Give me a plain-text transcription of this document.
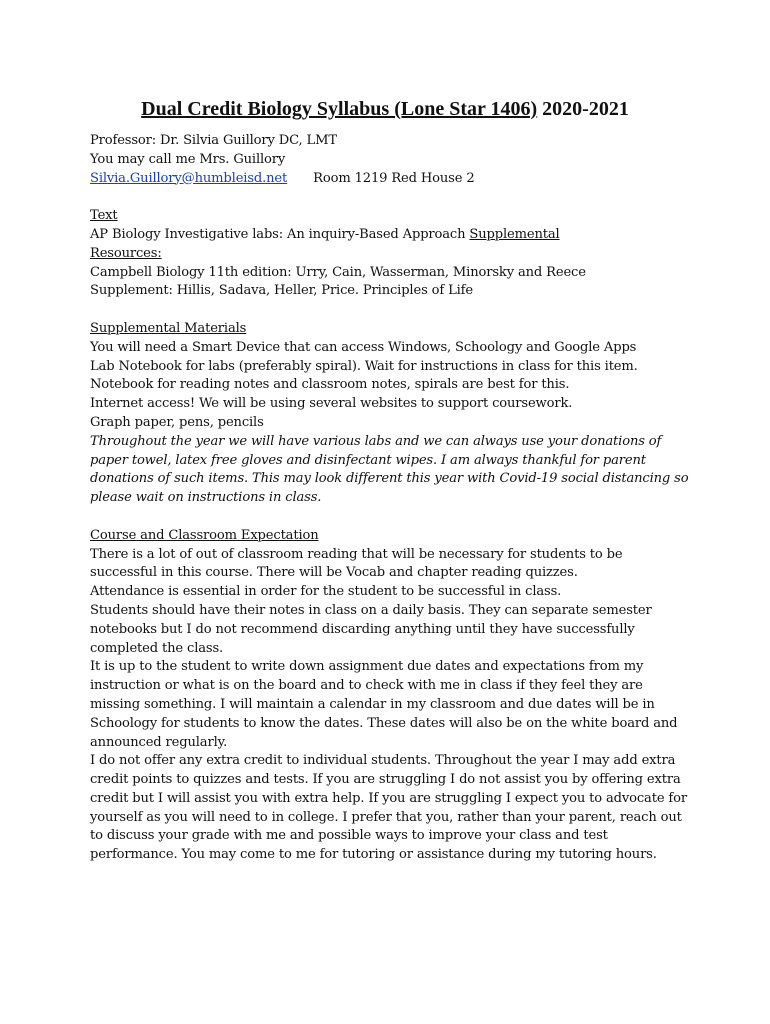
Dual Credit Biology Syllabus (Lone Star 1406) 2020-2021
Professor: Dr. Silvia Guillory DC, LMT
You may call me Mrs. Guillory
Silvia.Guillory@humbleisd.net Room 1219 Red House 2
Text
AP Biology Investigative labs: An inquiry-Based Approach Supplemental
Resources:
Campbell Biology 11th edition: Urry, Cain, Wasserman, Minorsky and Reece
Supplement: Hillis, Sadava, Heller, Price. Principles of Life
Supplemental Materials
You will need a Smart Device that can access Windows, Schoology and Google Apps
Lab Notebook for labs (preferably spiral). Wait for instructions in class for this item.
Notebook for reading notes and classroom notes, spirals are best for this.
Internet access! We will be using several websites to support coursework.
Graph paper, pens, pencils
Throughout the year we will have various labs and we can always use your donations of
paper towel, latex free gloves and disinfectant wipes. I am always thankful for parent
donations of such items. This may look different this year with Covid-19 social distancing so
please wait on instructions in class.
Course and Classroom Expectation
There is a lot of out of classroom reading that will be necessary for students to be
successful in this course. There will be Vocab and chapter reading quizzes.
Attendance is essential in order for the student to be successful in class.
Students should have their notes in class on a daily basis. They can separate semester
notebooks but I do not recommend discarding anything until they have successfully
completed the class.
It is up to the student to write down assignment due dates and expectations from my
instruction or what is on the board and to check with me in class if they feel they are
missing something. I will maintain a calendar in my classroom and due dates will be in
Schoology for students to know the dates. These dates will also be on the white board and
announced regularly.
I do not offer any extra credit to individual students. Throughout the year I may add extra
credit points to quizzes and tests. If you are struggling I do not assist you by offering extra
credit but I will assist you with extra help. If you are struggling I expect you to advocate for
yourself as you will need to in college. I prefer that you, rather than your parent, reach out
to discuss your grade with me and possible ways to improve your class and test
performance. You may come to me for tutoring or assistance during my tutoring hours.
